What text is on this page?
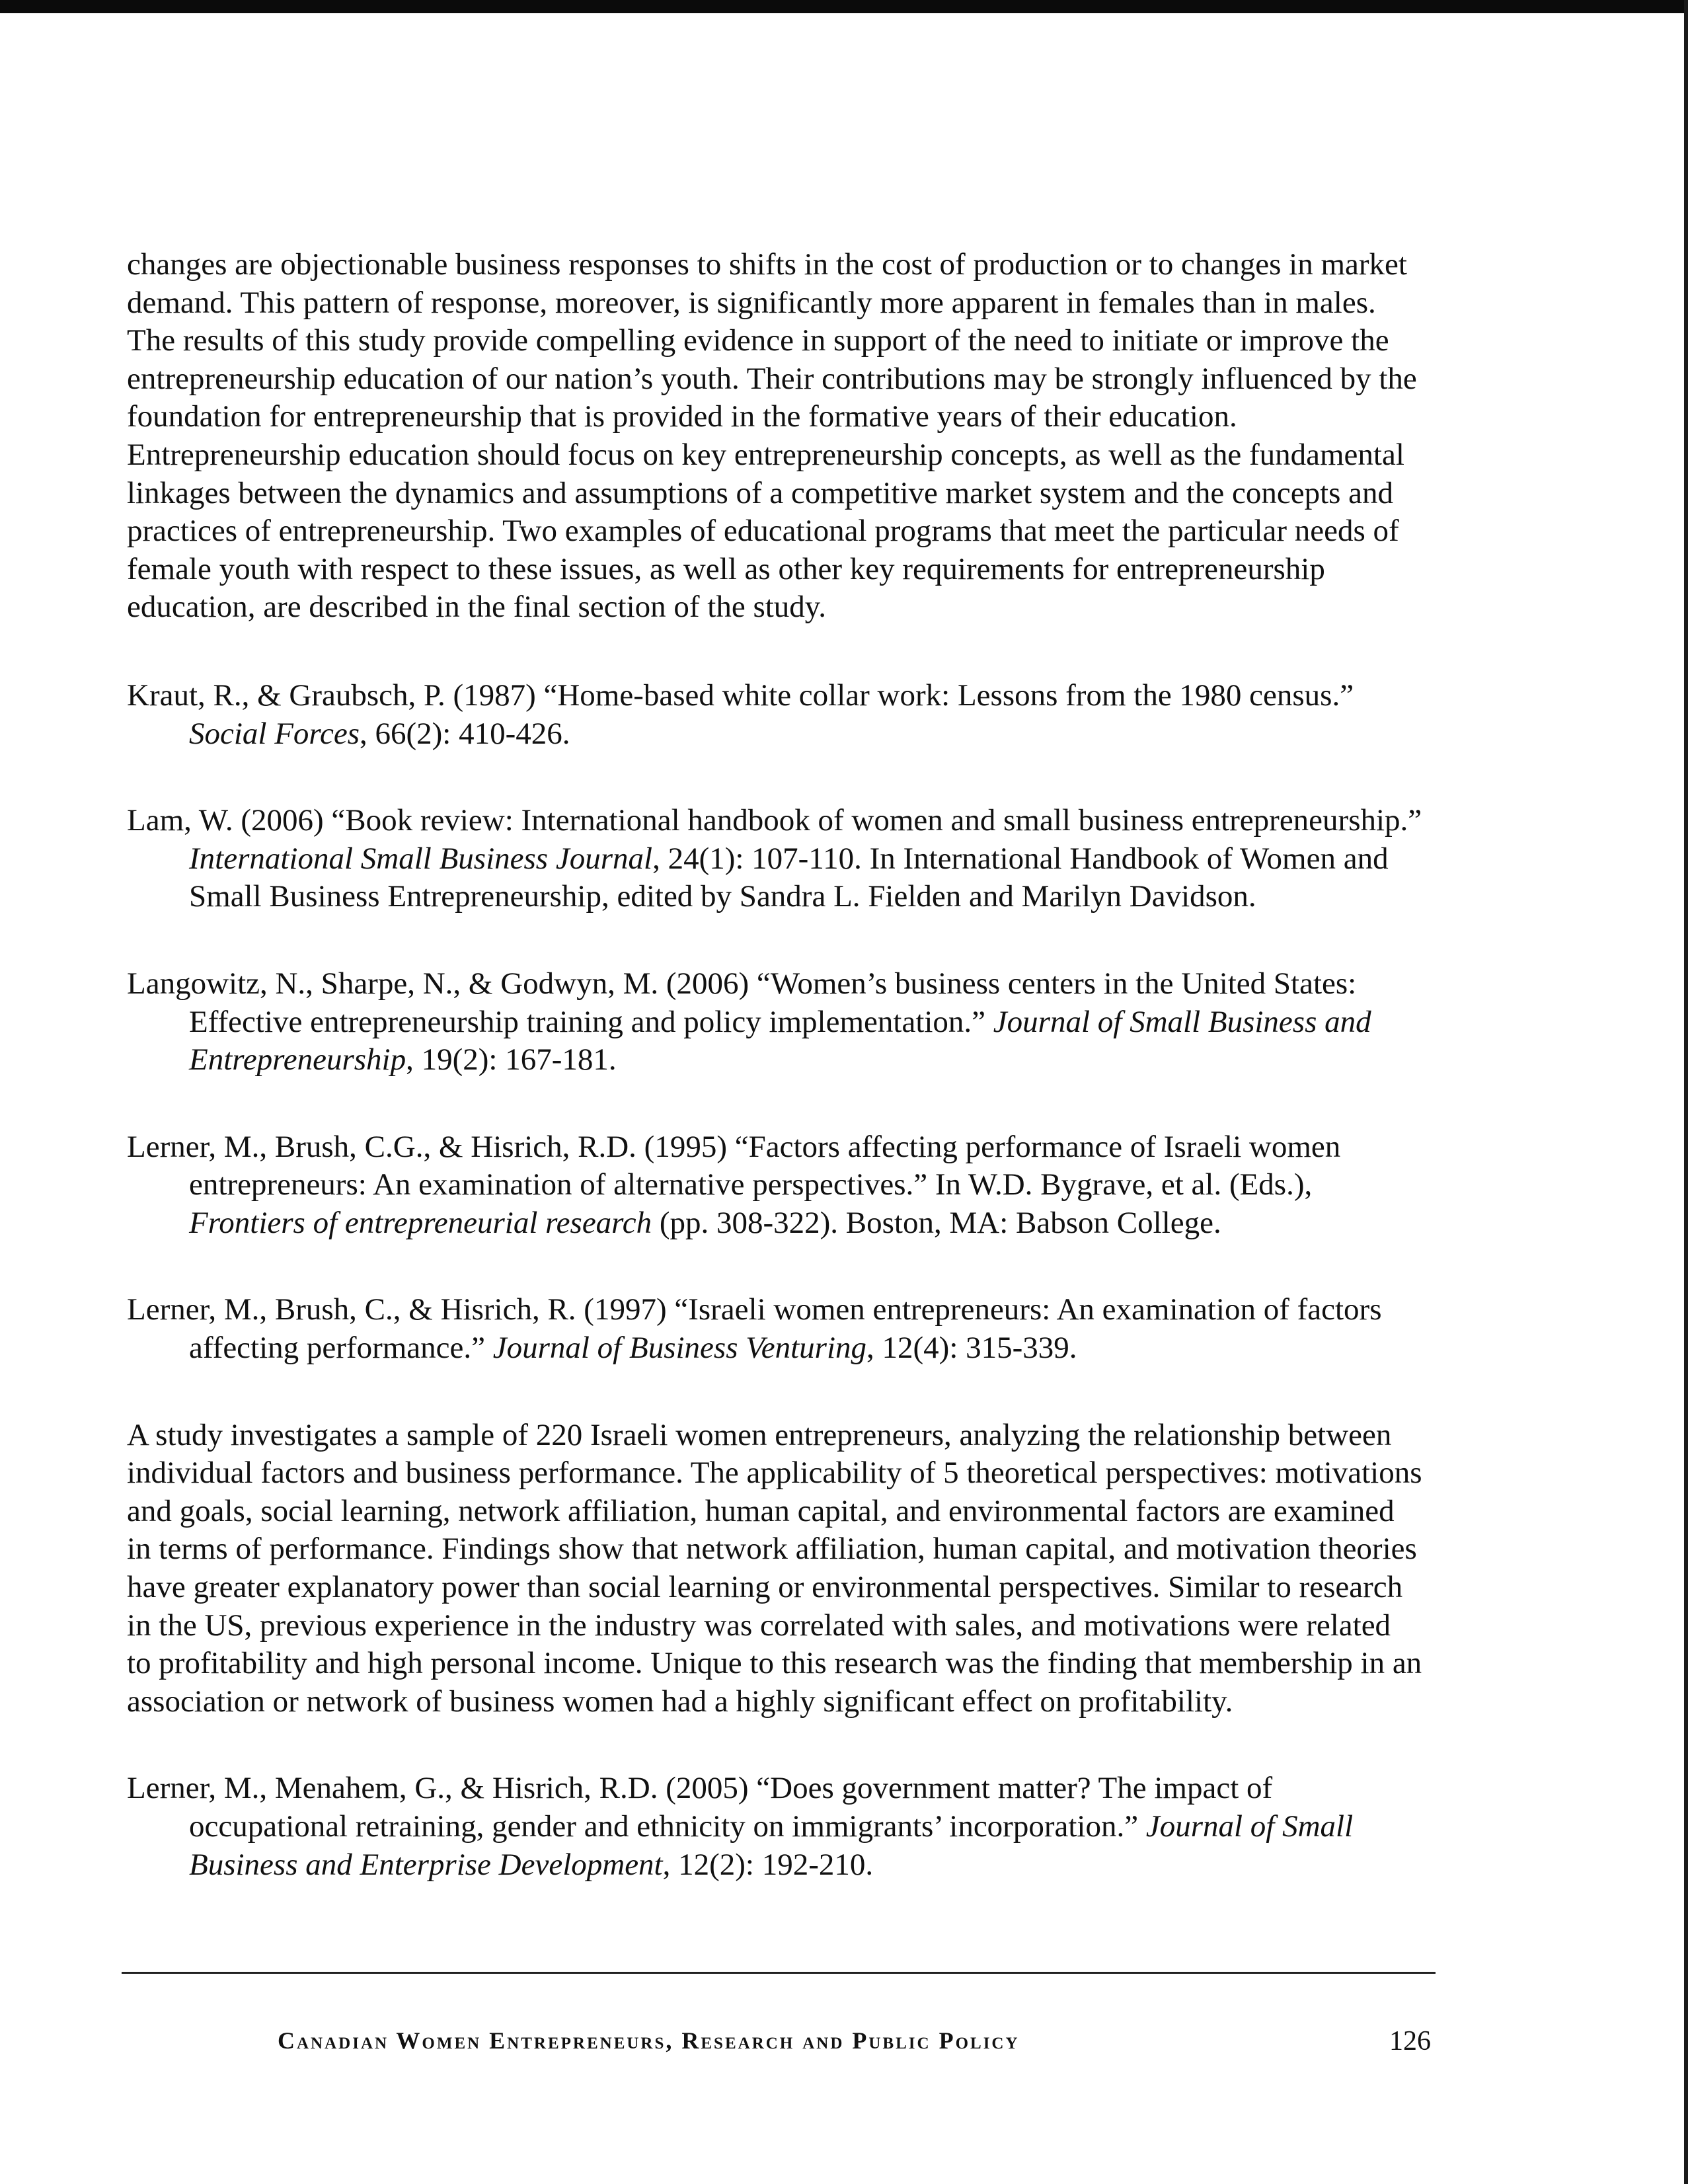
changes are objectionable business responses to shifts in the cost of production or to changes in market demand. This pattern of response, moreover, is significantly more apparent in females than in males. The results of this study provide compelling evidence in support of the need to initiate or improve the entrepreneurship education of our nation’s youth. Their contributions may be strongly influenced by the foundation for entrepreneurship that is provided in the formative years of their education. Entrepreneurship education should focus on key entrepreneurship concepts, as well as the fundamental linkages between the dynamics and assumptions of a competitive market system and the concepts and practices of entrepreneurship. Two examples of educational programs that meet the particular needs of female youth with respect to these issues, as well as other key requirements for entrepreneurship education, are described in the final section of the study.

Kraut, R., & Graubsch, P. (1987) “Home-based white collar work: Lessons from the 1980 census.” Social Forces, 66(2): 410-426.

Lam, W. (2006) “Book review: International handbook of women and small business entrepreneurship.” International Small Business Journal, 24(1): 107-110. In International Handbook of Women and Small Business Entrepreneurship, edited by Sandra L. Fielden and Marilyn Davidson.

Langowitz, N., Sharpe, N., & Godwyn, M. (2006) “Women’s business centers in the United States: Effective entrepreneurship training and policy implementation.” Journal of Small Business and Entrepreneurship, 19(2): 167-181.

Lerner, M., Brush, C.G., & Hisrich, R.D. (1995) “Factors affecting performance of Israeli women entrepreneurs: An examination of alternative perspectives.” In W.D. Bygrave, et al. (Eds.), Frontiers of entrepreneurial research (pp. 308-322). Boston, MA: Babson College.

Lerner, M., Brush, C., & Hisrich, R. (1997) “Israeli women entrepreneurs: An examination of factors affecting performance.” Journal of Business Venturing, 12(4): 315-339.

A study investigates a sample of 220 Israeli women entrepreneurs, analyzing the relationship between individual factors and business performance. The applicability of 5 theoretical perspectives: motivations and goals, social learning, network affiliation, human capital, and environmental factors are examined in terms of performance. Findings show that network affiliation, human capital, and motivation theories have greater explanatory power than social learning or environmental perspectives. Similar to research in the US, previous experience in the industry was correlated with sales, and motivations were related to profitability and high personal income. Unique to this research was the finding that membership in an association or network of business women had a highly significant effect on profitability.

Lerner, M., Menahem, G., & Hisrich, R.D. (2005) “Does government matter? The impact of occupational retraining, gender and ethnicity on immigrants’ incorporation.” Journal of Small Business and Enterprise Development, 12(2): 192-210.

Canadian Women Entrepreneurs, Research and Public Policy	126
